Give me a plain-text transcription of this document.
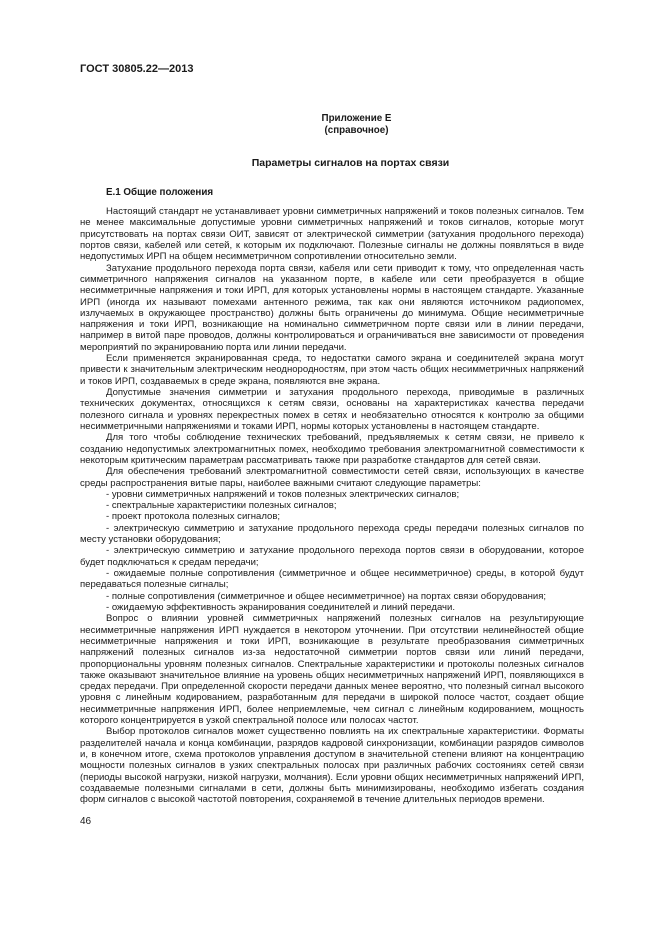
ГОСТ 30805.22—2013
Приложение Е
(справочное)
Параметры сигналов на портах связи
Е.1 Общие положения

Настоящий стандарт не устанавливает уровни симметричных напряжений и токов полезных сигналов. Тем не менее максимальные допустимые уровни симметричных напряжений и токов сигналов, которые могут присутствовать на портах связи ОИТ, зависят от электрической симметрии (затухания продольного перехода) портов связи, кабелей или сетей, к которым их подключают. Полезные сигналы не должны появляться в виде недопустимых ИРП на общем несимметричном сопротивлении относительно земли.

Затухание продольного перехода порта связи, кабеля или сети приводит к тому, что определенная часть симметричного напряжения сигналов на указанном порте, в кабеле или сети преобразуется в общие несимметричные напряжения и токи ИРП, для которых установлены нормы в настоящем стандарте. Указанные ИРП (иногда их называют помехами антенного режима, так как они являются источником радиопомех, излучаемых в окружающее пространство) должны быть ограничены до минимума. Общие несимметричные напряжения и токи ИРП, возникающие на номинально симметричном порте связи или в линии передачи, например в витой паре проводов, должны контролироваться и ограничиваться вне зависимости от проведения мероприятий по экранированию порта или линии передачи.

Если применяется экранированная среда, то недостатки самого экрана и соединителей экрана могут привести к значительным электрическим неоднородностям, при этом часть общих несимметричных напряжений и токов ИРП, создаваемых в среде экрана, появляются вне экрана.

Допустимые значения симметрии и затухания продольного перехода, приводимые в различных технических документах, относящихся к сетям связи, основаны на характеристиках качества передачи полезного сигнала и уровнях перекрестных помех в сетях и необязательно относятся к контролю за общими несимметричными напряжениями и токами ИРП, нормы которых установлены в настоящем стандарте.

Для того чтобы соблюдение технических требований, предъявляемых к сетям связи, не привело к созданию недопустимых электромагнитных помех, необходимо требования электромагнитной совместимости к некоторым критическим параметрам рассматривать также при разработке стандартов для сетей связи.

Для обеспечения требований электромагнитной совместимости сетей связи, использующих в качестве среды распространения витые пары, наиболее важными считают следующие параметры:

- уровни симметричных напряжений и токов полезных электрических сигналов;

- спектральные характеристики полезных сигналов;

- проект протокола полезных сигналов;

- электрическую симметрию и затухание продольного перехода среды передачи полезных сигналов по месту установки оборудования;

- электрическую симметрию и затухание продольного перехода портов связи в оборудовании, которое будет подключаться к средам передачи;

- ожидаемые полные сопротивления (симметричное и общее несимметричное) среды, в которой будут передаваться полезные сигналы;

- полные сопротивления (симметричное и общее несимметричное) на портах связи оборудования;

- ожидаемую эффективность экранирования соединителей и линий передачи.

Вопрос о влиянии уровней симметричных напряжений полезных сигналов на результирующие несимметричные напряжения ИРП нуждается в некотором уточнении. При отсутствии нелинейностей общие несимметричные напряжения и токи ИРП, возникающие в результате преобразования симметричных напряжений полезных сигналов из-за недостаточной симметрии портов связи или линий передачи, пропорциональны уровням полезных сигналов. Спектральные характеристики и протоколы полезных сигналов также оказывают значительное влияние на уровень общих несимметричных напряжений ИРП, появляющихся в средах передачи. При определенной скорости передачи данных менее вероятно, что полезный сигнал высокого уровня с линейным кодированием, разработанным для передачи в широкой полосе частот, создает общие несимметричные напряжения ИРП, более неприемлемые, чем сигнал с линейным кодированием, мощность которого концентрируется в узкой спектральной полосе или полосах частот.

Выбор протоколов сигналов может существенно повлиять на их спектральные характеристики. Форматы разделителей начала и конца комбинации, разрядов кадровой синхронизации, комбинации разрядов символов и, в конечном итоге, схема протоколов управления доступом в значительной степени влияют на концентрацию мощности полезных сигналов в узких спектральных полосах при различных рабочих состояниях сетей связи (периоды высокой нагрузки, низкой нагрузки, молчания). Если уровни общих несимметричных напряжений ИРП, создаваемые полезными сигналами в сети, должны быть минимизированы, необходимо избегать создания форм сигналов с высокой частотой повторения, сохраняемой в течение длительных периодов времени.

46
